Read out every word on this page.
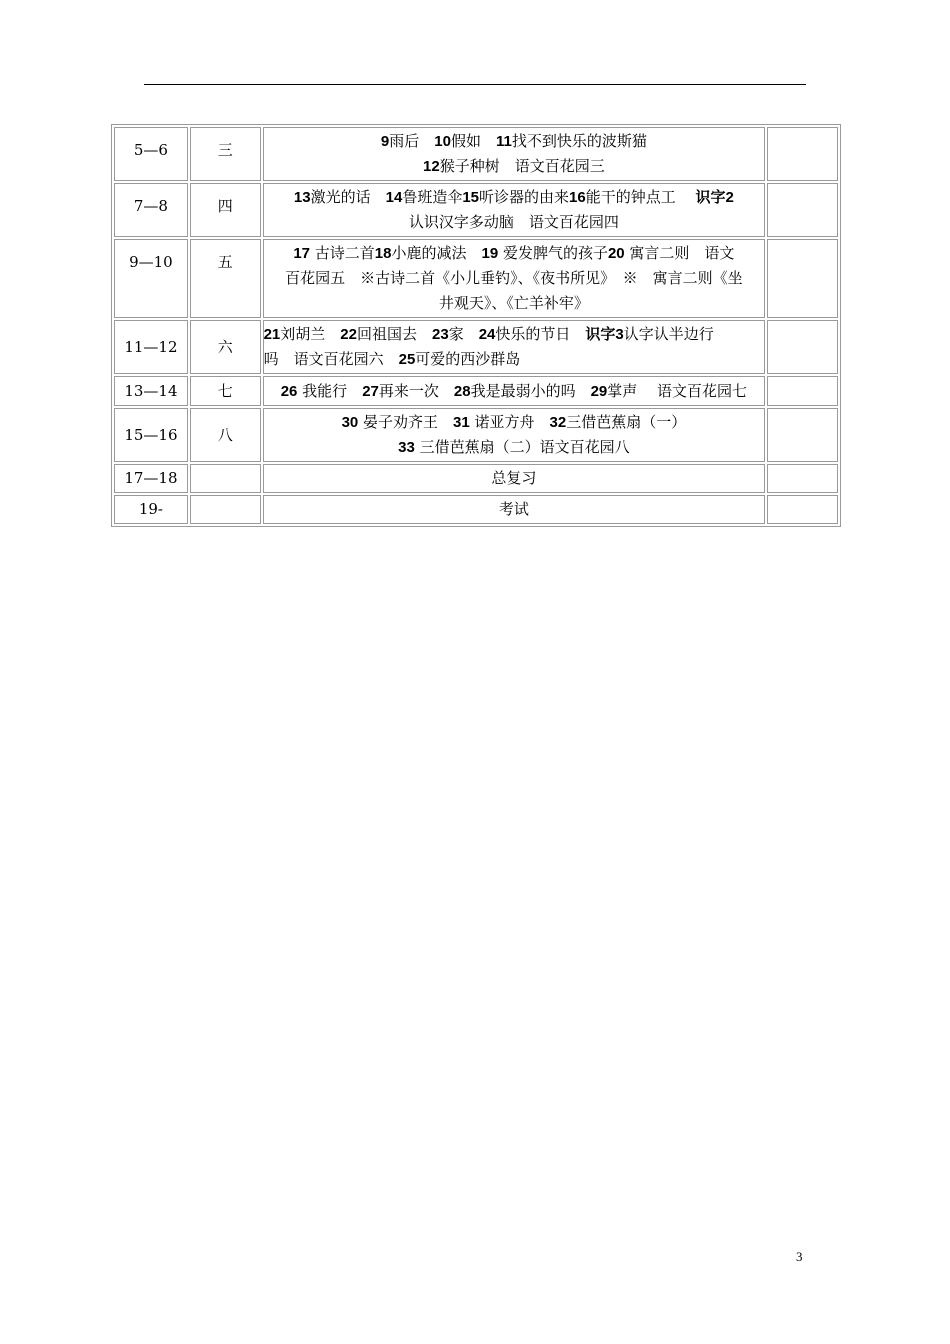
5—6	三	9雨后　10假如　11找不到快乐的波斯猫
12猴子种树　语文百花园三	

7—8	四	13激光的话　14鲁班造伞15听诊器的由来16能干的钟点工　 识字2
认识汉字多动脑　语文百花园四	

9—10	五	17 古诗二首18小鹿的减法　19 爱发脾气的孩子20 寓言二则　语文
百花园五　※古诗二首《小儿垂钓》、《夜书所见》　※　寓言二则《坐
井观天》、《亡羊补牢》	

11—12	六	21刘胡兰　22回祖国去　23家　24快乐的节日　识字3认字认半边行
吗　语文百花园六　25可爱的西沙群岛	

13—14	七	26 我能行　27再来一次　28我是最弱小的吗　29掌声　 语文百花园七	

15—16	八	30 晏子劝齐王　31 诺亚方舟　32三借芭蕉扇（一）
33 三借芭蕉扇（二）语文百花园八	

17—18		总复习	

19-		考试	

3
